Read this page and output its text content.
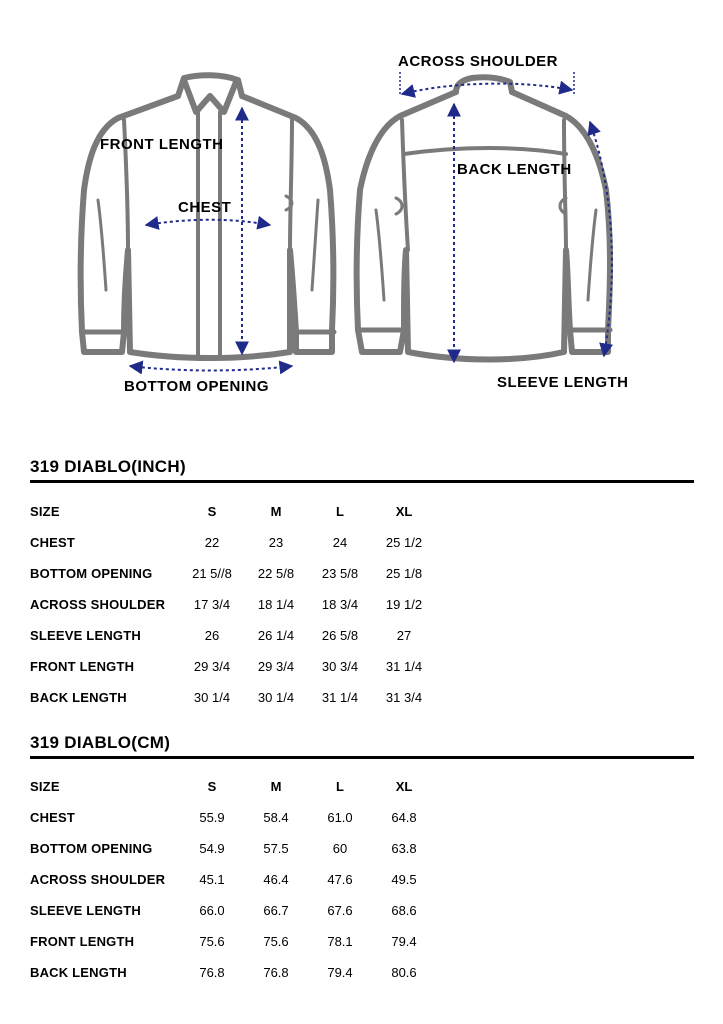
FRONT LENGTH
CHEST
BOTTOM OPENING
ACROSS SHOULDER
BACK LENGTH
SLEEVE LENGTH
319 DIABLO(INCH)
SIZE	S	M	L	XL
CHEST	22	23	24	25 1/2
BOTTOM OPENING	21 5//8	22 5/8	23 5/8	25 1/8
ACROSS SHOULDER	17 3/4	18 1/4	18 3/4	19 1/2
SLEEVE LENGTH	26	26 1/4	26 5/8	27
FRONT LENGTH	29 3/4	29 3/4	30 3/4	31 1/4
BACK LENGTH	30 1/4	30 1/4	31 1/4	31 3/4
319 DIABLO(CM)
SIZE	S	M	L	XL
CHEST	55.9	58.4	61.0	64.8
BOTTOM OPENING	54.9	57.5	60	63.8
ACROSS SHOULDER	45.1	46.4	47.6	49.5
SLEEVE LENGTH	66.0	66.7	67.6	68.6
FRONT LENGTH	75.6	75.6	78.1	79.4
BACK LENGTH	76.8	76.8	79.4	80.6
